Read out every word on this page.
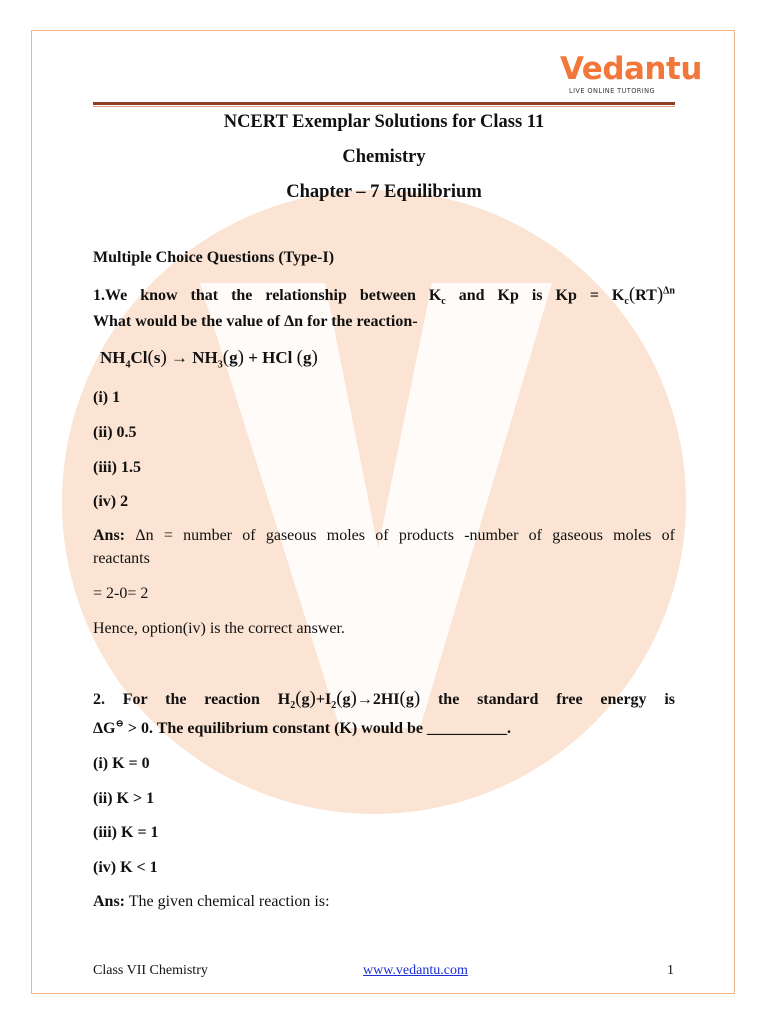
Vedantu
LIVE ONLINE TUTORING
NCERT Exemplar Solutions for Class 11
Chemistry
Chapter – 7 Equilibrium
Multiple Choice Questions (Type-I)
1.We know that the relationship between $K_c$ and Kp is $Kp = K_c(RT)^{\Delta n}$
What would be the value of Δn for the reaction-
$NH_4Cl(s) \to NH_3(g)$ + HCl (g)
(i) 1
(ii) 0.5
(iii) 1.5
(iv) 2
Ans: Δn = number of gaseous moles of products -number of gaseous moles of
reactants
= 2-0= 2
Hence, option(iv) is the correct answer.
2. For the reaction $H_2(g)+I_2(g)\to 2HI(g)$ the standard free energy is
ΔG⊖ > 0. The equilibrium constant (K) would be __________.
(i) K = 0
(ii) K > 1
(iii) K = 1
(iv) K < 1
Ans: The given chemical reaction is:
Class VII Chemistry	www.vedantu.com	1
